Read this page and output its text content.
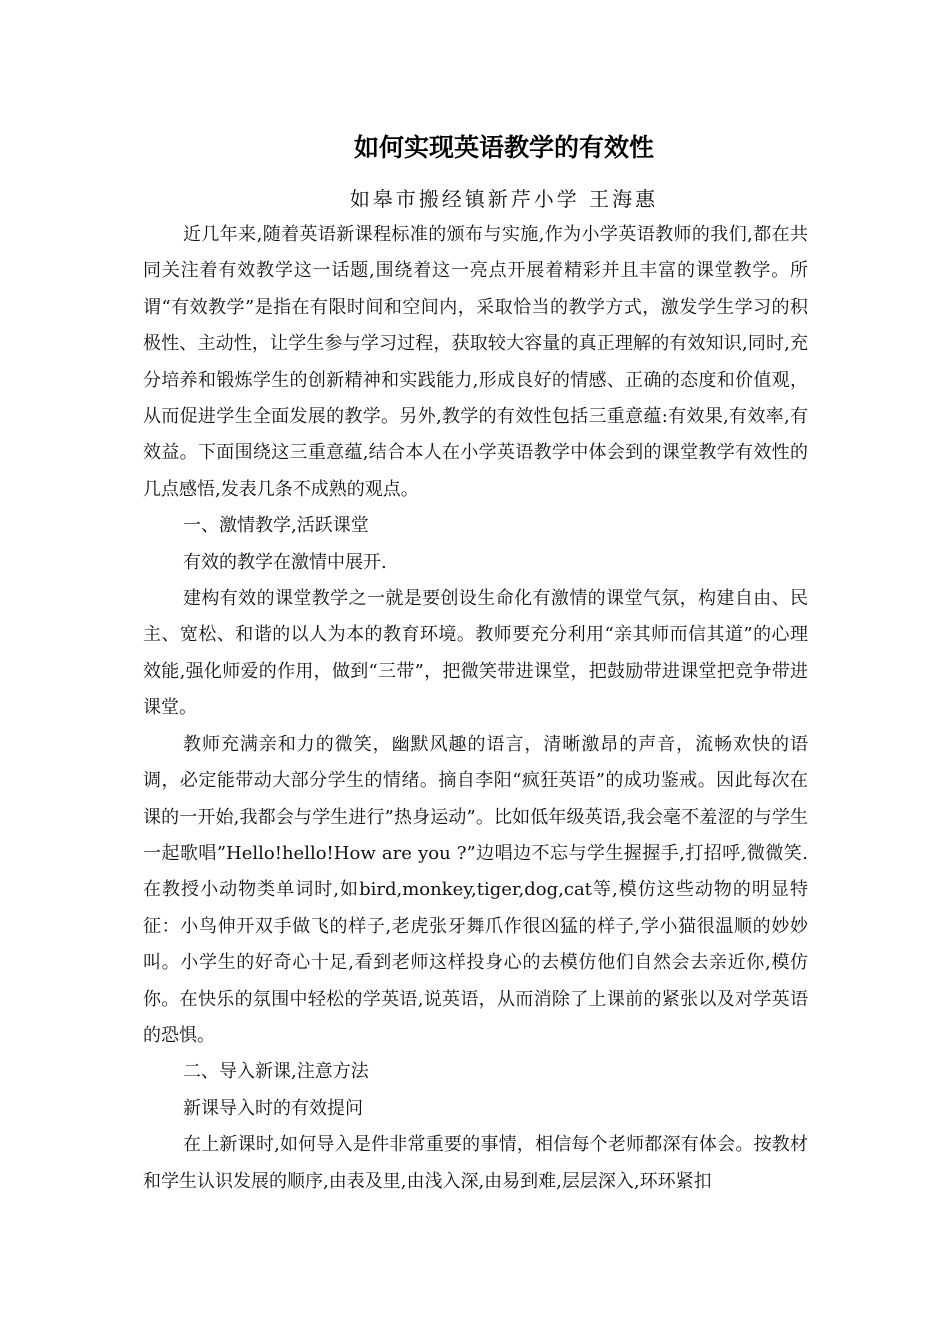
如何实现英语教学的有效性
如皋市搬经镇新芹小学 王海惠

近几年来,随着英语新课程标准的颁布与实施,作为小学英语教师的我们,都在共同关注着有效教学这一话题,围绕着这一亮点开展着精彩并且丰富的课堂教学。所谓“有效教学”是指在有限时间和空间内，采取恰当的教学方式，激发学生学习的积极性、主动性，让学生参与学习过程，获取较大容量的真正理解的有效知识,同时,充分培养和锻炼学生的创新精神和实践能力,形成良好的情感、正确的态度和价值观，从而促进学生全面发展的教学。另外,教学的有效性包括三重意蕴:有效果,有效率,有效益。下面围绕这三重意蕴,结合本人在小学英语教学中体会到的课堂教学有效性的几点感悟,发表几条不成熟的观点。

一、激情教学,活跃课堂

有效的教学在激情中展开.

建构有效的课堂教学之一就是要创设生命化有激情的课堂气氛，构建自由、民主、宽松、和谐的以人为本的教育环境。教师要充分利用“亲其师而信其道”的心理效能,强化师爱的作用，做到“三带”，把微笑带进课堂，把鼓励带进课堂把竞争带进课堂。

教师充满亲和力的微笑，幽默风趣的语言，清晰激昂的声音，流畅欢快的语调，必定能带动大部分学生的情绪。摘自李阳“疯狂英语”的成功鉴戒。因此每次在课的一开始,我都会与学生进行”热身运动”。比如低年级英语,我会毫不羞涩的与学生一起歌唱”Hello!hello!How are you ?”边唱边不忘与学生握握手,打招呼,微微笑.在教授小动物类单词时,如bird,monkey,tiger,dog,cat等,模仿这些动物的明显特征：小鸟伸开双手做飞的样子,老虎张牙舞爪作很凶猛的样子,学小猫很温顺的妙妙叫。小学生的好奇心十足,看到老师这样投身心的去模仿他们自然会去亲近你,模仿你。在快乐的氛围中轻松的学英语,说英语，从而消除了上课前的紧张以及对学英语的恐惧。

二、导入新课,注意方法

新课导入时的有效提问

在上新课时,如何导入是件非常重要的事情，相信每个老师都深有体会。按教材和学生认识发展的顺序,由表及里,由浅入深,由易到难,层层深入,环环紧扣
